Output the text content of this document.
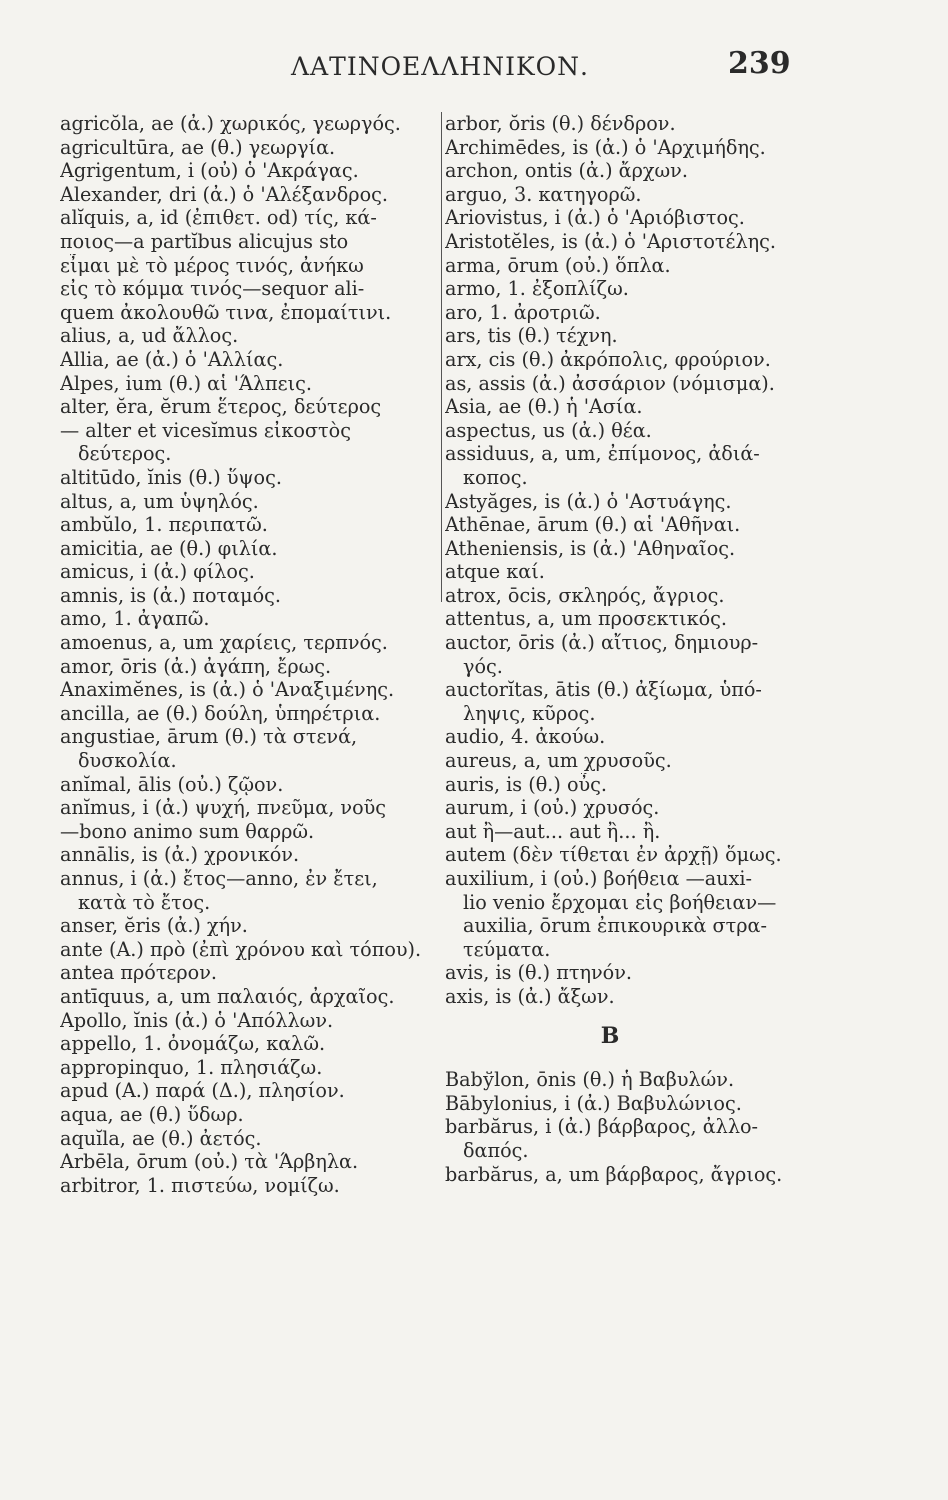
ΛΑΤΙΝΟΕΛΛΗΝΙΚΟΝ.	239
agricŏla, ae (ἀ.) χωρικός, γεωργός.
agricultūra, ae (θ.) γεωργία.
Agrigentum, i (οὐ) ὁ 'Ακράγας.
Alexander, dri (ἀ.) ὁ 'Αλέξανδρος.
alĭquis, a, id (ἐπιθετ. od) τίς, κά-
ποιος—a partĭbus alicujus sto
εἶμαι μὲ τὸ μέρος τινός, ἀνήκω
εἰς τὸ κόμμα τινός—sequor ali-
quem ἀκολουθῶ τινα, ἐπομαίτινι.
alius, a, ud ἄλλος.
Allia, ae (ἀ.) ὁ 'Αλλίας.
Alpes, ium (θ.) αἱ 'Άλπεις.
alter, ĕra, ĕrum ἕτερος, δεύτερος
— alter et vicesĭmus εἰκοστὸς
δεύτερος.
altitūdo, ĭnis (θ.) ὕψος.
altus, a, um ὑψηλός.
ambŭlo, 1. περιπατῶ.
amicitia, ae (θ.) φιλία.
amicus, i (ἀ.) φίλος.
amnis, is (ἀ.) ποταμός.
amo, 1. ἀγαπῶ.
amoenus, a, um χαρίεις, τερπνός.
amor, ōris (ἀ.) ἀγάπη, ἔρως.
Anaximĕnes, is (ἀ.) ὁ 'Αναξιμένης.
ancilla, ae (θ.) δούλη, ὑπηρέτρια.
angustiae, ārum (θ.) τὰ στενά,
δυσκολία.
anĭmal, ālis (οὐ.) ζῷον.
anĭmus, i (ἀ.) ψυχή, πνεῦμα, νοῦς
—bono animo sum θαρρῶ.
annālis, is (ἀ.) χρονικόν.
annus, i (ἀ.) ἔτος—anno, ἐν ἔτει,
κατὰ τὸ ἔτος.
anser, ĕris (ἀ.) χήν.
ante (A.) πρὸ (ἐπὶ χρόνου καὶ τόπου).
antea πρότερον.
antīquus, a, um παλαιός, ἀρχαῖος.
Apollo, ĭnis (ἀ.) ὁ 'Απόλλων.
appello, 1. ὀνομάζω, καλῶ.
appropinquo, 1. πλησιάζω.
apud (A.) παρά (Δ.), πλησίον.
aqua, ae (θ.) ὕδωρ.
aquĭla, ae (θ.) ἀετός.
Arbēla, ōrum (οὐ.) τὰ 'Άρβηλα.
arbitror, 1. πιστεύω, νομίζω.
arbor, ŏris (θ.) δένδρον.
Archimēdes, is (ἀ.) ὁ 'Αρχιμήδης.
archon, ontis (ἀ.) ἄρχων.
arguo, 3. κατηγορῶ.
Ariovistus, i (ἀ.) ὁ 'Αριόβιστος.
Aristotĕles, is (ἀ.) ὁ 'Αριστοτέλης.
arma, ōrum (οὐ.) ὅπλα.
armo, 1. ἐξοπλίζω.
aro, 1. ἀροτριῶ.
ars, tis (θ.) τέχνη.
arx, cis (θ.) ἀκρόπολις, φρούριον.
as, assis (ἀ.) ἀσσάριον (νόμισμα).
Asia, ae (θ.) ἡ 'Ασία.
aspectus, us (ἀ.) θέα.
assiduus, a, um, ἐπίμονος, ἀδιά-
κοπος.
Astyăges, is (ἀ.) ὁ 'Αστυάγης.
Athēnae, ārum (θ.) αἱ 'Αθῆναι.
Atheniensis, is (ἀ.) 'Αθηναῖος.
atque καί.
atrox, ōcis, σκληρός, ἄγριος.
attentus, a, um προσεκτικός.
auctor, ōris (ἀ.) αἴτιος, δημιουρ-
γός.
auctorĭtas, ātis (θ.) ἀξίωμα, ὑπό-
ληψις, κῦρος.
audio, 4. ἀκούω.
aureus, a, um χρυσοῦς.
auris, is (θ.) οὖς.
aurum, i (οὐ.) χρυσός.
aut ἢ—aut... aut ἢ... ἢ.
autem (δὲν τίθεται ἐν ἀρχῇ) ὅμως.
auxilium, i (οὐ.) βοήθεια —auxi-
lio venio ἔρχομαι εἰς βοήθειαν—
auxilia, ōrum ἐπικουρικὰ στρα-
τεύματα.
avis, is (θ.) πτηνόν.
axis, is (ἀ.) ἄξων.
B
Babўlon, ōnis (θ.) ἡ Βαβυλών.
Bābylonius, i (ἀ.) Βαβυλώνιος.
barbărus, i (ἀ.) βάρβαρος, ἀλλο-
δαπός.
barbărus, a, um βάρβαρος, ἄγριος.
